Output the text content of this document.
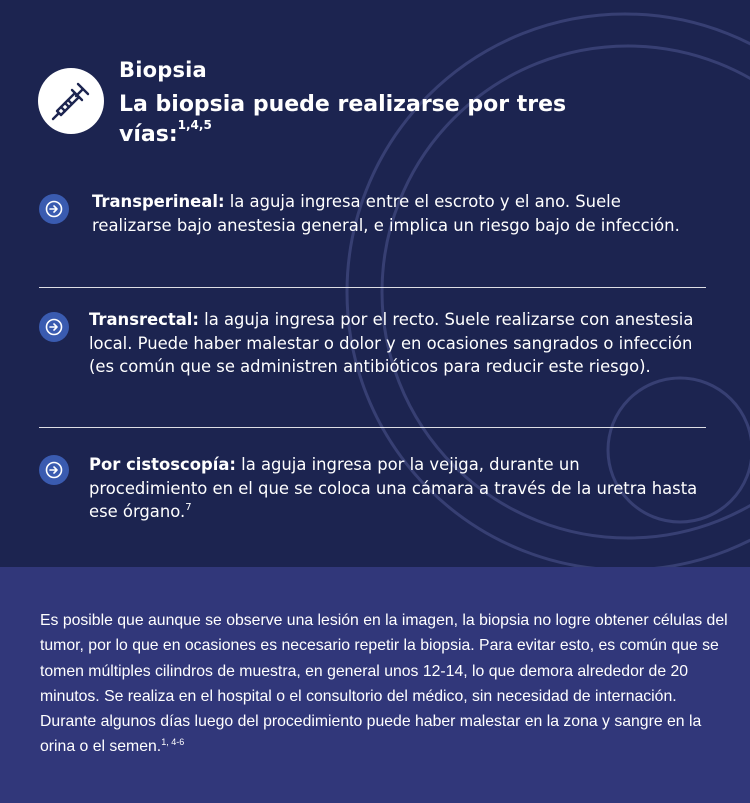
Biopsia
La biopsia puede realizarse por tres vías:$^{1,4,5}$

Transperineal: la aguja ingresa entre el escroto y el ano. Suele realizarse bajo anestesia general, e implica un riesgo bajo de infección.

Transrectal: la aguja ingresa por el recto. Suele realizarse con anestesia local. Puede haber malestar o dolor y en ocasiones sangrados o infección (es común que se administren antibióticos para reducir este riesgo).

Por cistoscopía: la aguja ingresa por la vejiga, durante un procedimiento en el que se coloca una cámara a través de la uretra hasta ese órgano.$^7$

Es posible que aunque se observe una lesión en la imagen, la biopsia no logre obtener células del tumor, por lo que en ocasiones es necesario repetir la biopsia. Para evitar esto, es común que se tomen múltiples cilindros de muestra, en general unos 12-14, lo que demora alrededor de 20 minutos. Se realiza en el hospital o el consultorio del médico, sin necesidad de internación. Durante algunos días luego del procedimiento puede haber malestar en la zona y sangre en la orina o el semen.$^{1, 4-6}$
